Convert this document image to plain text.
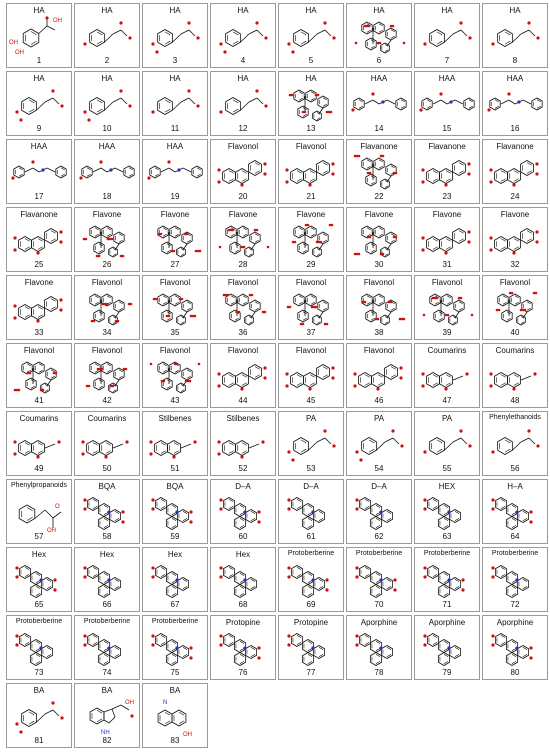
HA
OH
OH
OH
1
HA
2
HA
3
HA
4
HA
5
HA
6
HA
7
HA
8
HA
9
HA
10
HA
11
HA
12
HA
13
HAA
14
HAA
15
HAA
16
HAA
17
HAA
18
HAA
19
Flavonol
20
Flavonol
21
Flavanone
22
Flavanone
23
Flavanone
24
Flavanone
25
Flavone
26
Flavone
27
Flavone
28
Flavone
29
Flavone
30
Flavone
31
Flavone
32
Flavone
33
Flavonol
34
Flavonol
35
Flavonol
36
Flavonol
37
Flavonol
38
Flavonol
39
Flavonol
40
Flavonol
41
Flavonol
42
Flavonol
43
Flavonol
44
Flavonol
45
Flavonol
46
Coumarins
47
Coumarins
48
Coumarins
49
Coumarins
50
Stilbenes
51
Stilbenes
52
PA
53
PA
54
PA
55
Phenylethanoids
56
Phenylpropanoids
O
OH
57
BQA
58
BQA
59
D–A
60
D–A
61
D–A
62
HEX
63
H–A
64
Hex
65
Hex
66
Hex
67
Hex
68
Protoberberine
69
Protoberberine
70
Protoberberine
71
Protoberberine
72
Protoberberine
73
Protoberberine
74
Protoberberine
75
Protopine
76
Protopine
77
Aporphine
78
Aporphine
79
Aporphine
80
BA
81
BA
NH
OH
82
BA
N
OH
83
